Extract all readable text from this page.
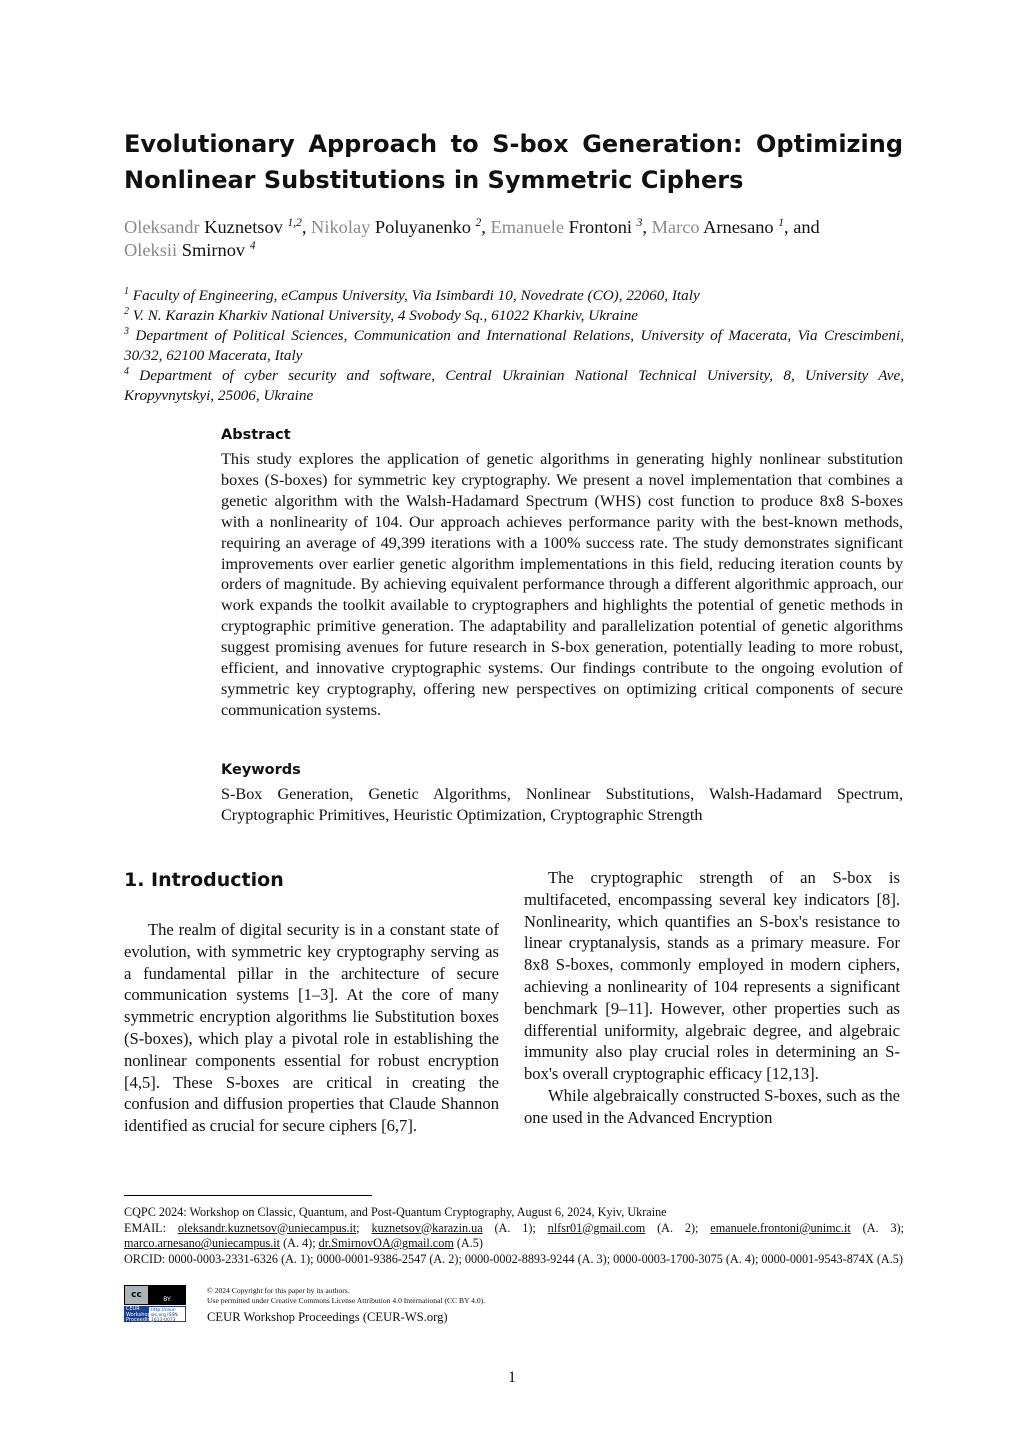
Evolutionary Approach to S-box Generation: Optimizing Nonlinear Substitutions in Symmetric Ciphers
Oleksandr Kuznetsov $^{1,2}$, Nikolay Poluyanenko $^2$, Emanuele Frontoni $^3$, Marco Arnesano $^1$, and
Oleksii Smirnov $^4$

$^1$ Faculty of Engineering, eCampus University, Via Isimbardi 10, Novedrate (CO), 22060, Italy

$^2$ V. N. Karazin Kharkiv National University, 4 Svobody Sq., 61022 Kharkiv, Ukraine

$^3$ Department of Political Sciences, Communication and International Relations, University of Macerata, Via Crescimbeni, 30/32, 62100 Macerata, Italy

$^4$ Department of cyber security and software, Central Ukrainian National Technical University, 8, University Ave, Kropyvnytskyi, 25006, Ukraine

Abstract
This study explores the application of genetic algorithms in generating highly nonlinear substitution boxes (S-boxes) for symmetric key cryptography. We present a novel implementation that combines a genetic algorithm with the Walsh-Hadamard Spectrum (WHS) cost function to produce 8x8 S-boxes with a nonlinearity of 104. Our approach achieves performance parity with the best-known methods, requiring an average of 49,399 iterations with a 100% success rate. The study demonstrates significant improvements over earlier genetic algorithm implementations in this field, reducing iteration counts by orders of magnitude. By achieving equivalent performance through a different algorithmic approach, our work expands the toolkit available to cryptographers and highlights the potential of genetic methods in cryptographic primitive generation. The adaptability and parallelization potential of genetic algorithms suggest promising avenues for future research in S-box generation, potentially leading to more robust, efficient, and innovative cryptographic systems. Our findings contribute to the ongoing evolution of symmetric key cryptography, offering new perspectives on optimizing critical components of secure communication systems.
Keywords
S-Box Generation, Genetic Algorithms, Nonlinear Substitutions, Walsh-Hadamard Spectrum, Cryptographic Primitives, Heuristic Optimization, Cryptographic Strength
1. Introduction

The realm of digital security is in a constant state of evolution, with symmetric key cryptography serving as a fundamental pillar in the architecture of secure communication systems [1–3]. At the core of many symmetric encryption algorithms lie Substitution boxes (S-boxes), which play a pivotal role in establishing the nonlinear components essential for robust encryption [4,5]. These S-boxes are critical in creating the confusion and diffusion properties that Claude Shannon identified as crucial for secure ciphers [6,7].

The cryptographic strength of an S-box is multifaceted, encompassing several key indicators [8]. Nonlinearity, which quantifies an S-box's resistance to linear cryptanalysis, stands as a primary measure. For 8x8 S-boxes, commonly employed in modern ciphers, achieving a nonlinearity of 104 represents a significant benchmark [9–11]. However, other properties such as differential uniformity, algebraic degree, and algebraic immunity also play crucial roles in determining an S-box's overall cryptographic efficacy [12,13].

While algebraically constructed S-boxes, such as the one used in the Advanced Encryption

CQPC 2024: Workshop on Classic, Quantum, and Post-Quantum Cryptography, August 6, 2024, Kyiv, Ukraine

EMAIL: oleksandr.kuznetsov@uniecampus.it; kuznetsov@karazin.ua (A. 1); nlfsr01@gmail.com (A. 2); emanuele.frontoni@unimc.it (A. 3); marco.arnesano@uniecampus.it (A. 4); dr.SmirnovOA@gmail.com (A.5)

ORCID: 0000-0003-2331-6326 (A. 1); 0000-0001-9386-2547 (A. 2); 0000-0002-8893-9244 (A. 3); 0000-0003-1700-3075 (A. 4); 0000-0001-9543-874X (A.5)

cc	BY
CEUR Workshop Proceedings
http://ceur-ws.org ISSN 1613-0073

© 2024 Copyright for this paper by its authors.

Use permitted under Creative Commons License Attribution 4.0 International (CC BY 4.0).

CEUR Workshop Proceedings (CEUR-WS.org)
1
